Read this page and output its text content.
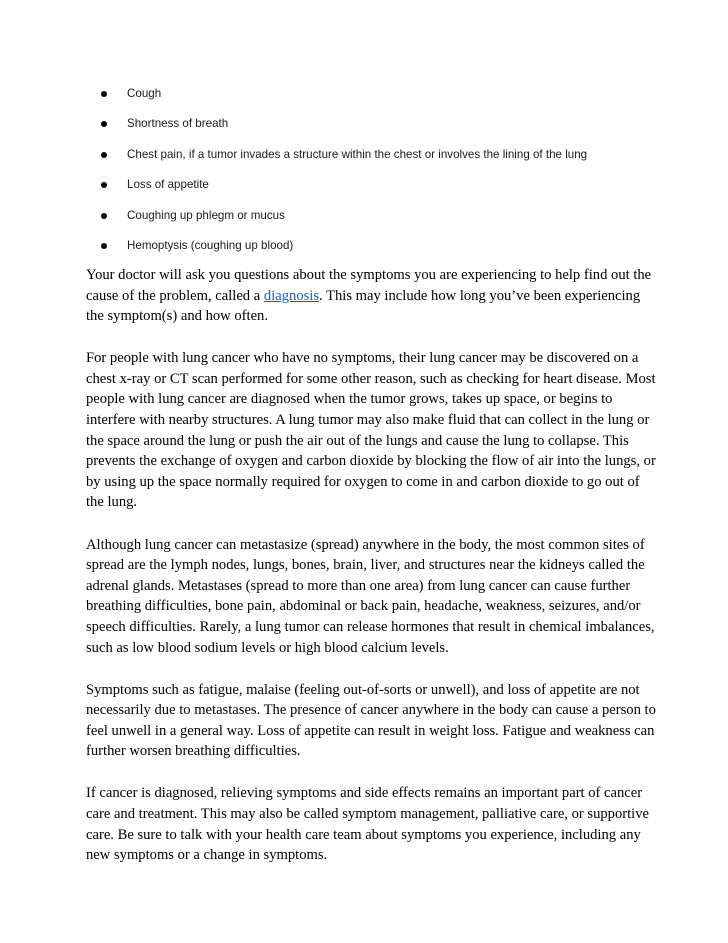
Cough
Shortness of breath
Chest pain, if a tumor invades a structure within the chest or involves the lining of the lung
Loss of appetite
Coughing up phlegm or mucus
Hemoptysis (coughing up blood)

Your doctor will ask you questions about the symptoms you are experiencing to help find out the cause of the problem, called a diagnosis. This may include how long you’ve been experiencing the symptom(s) and how often.

For people with lung cancer who have no symptoms, their lung cancer may be discovered on a chest x-ray or CT scan performed for some other reason, such as checking for heart disease. Most people with lung cancer are diagnosed when the tumor grows, takes up space, or begins to interfere with nearby structures. A lung tumor may also make fluid that can collect in the lung or the space around the lung or push the air out of the lungs and cause the lung to collapse. This prevents the exchange of oxygen and carbon dioxide by blocking the flow of air into the lungs, or by using up the space normally required for oxygen to come in and carbon dioxide to go out of the lung.

Although lung cancer can metastasize (spread) anywhere in the body, the most common sites of spread are the lymph nodes, lungs, bones, brain, liver, and structures near the kidneys called the adrenal glands. Metastases (spread to more than one area) from lung cancer can cause further breathing difficulties, bone pain, abdominal or back pain, headache, weakness, seizures, and/or speech difficulties. Rarely, a lung tumor can release hormones that result in chemical imbalances, such as low blood sodium levels or high blood calcium levels.

Symptoms such as fatigue, malaise (feeling out-of-sorts or unwell), and loss of appetite are not necessarily due to metastases. The presence of cancer anywhere in the body can cause a person to feel unwell in a general way. Loss of appetite can result in weight loss. Fatigue and weakness can further worsen breathing difficulties.

If cancer is diagnosed, relieving symptoms and side effects remains an important part of cancer care and treatment. This may also be called symptom management, palliative care, or supportive care. Be sure to talk with your health care team about symptoms you experience, including any new symptoms or a change in symptoms.
